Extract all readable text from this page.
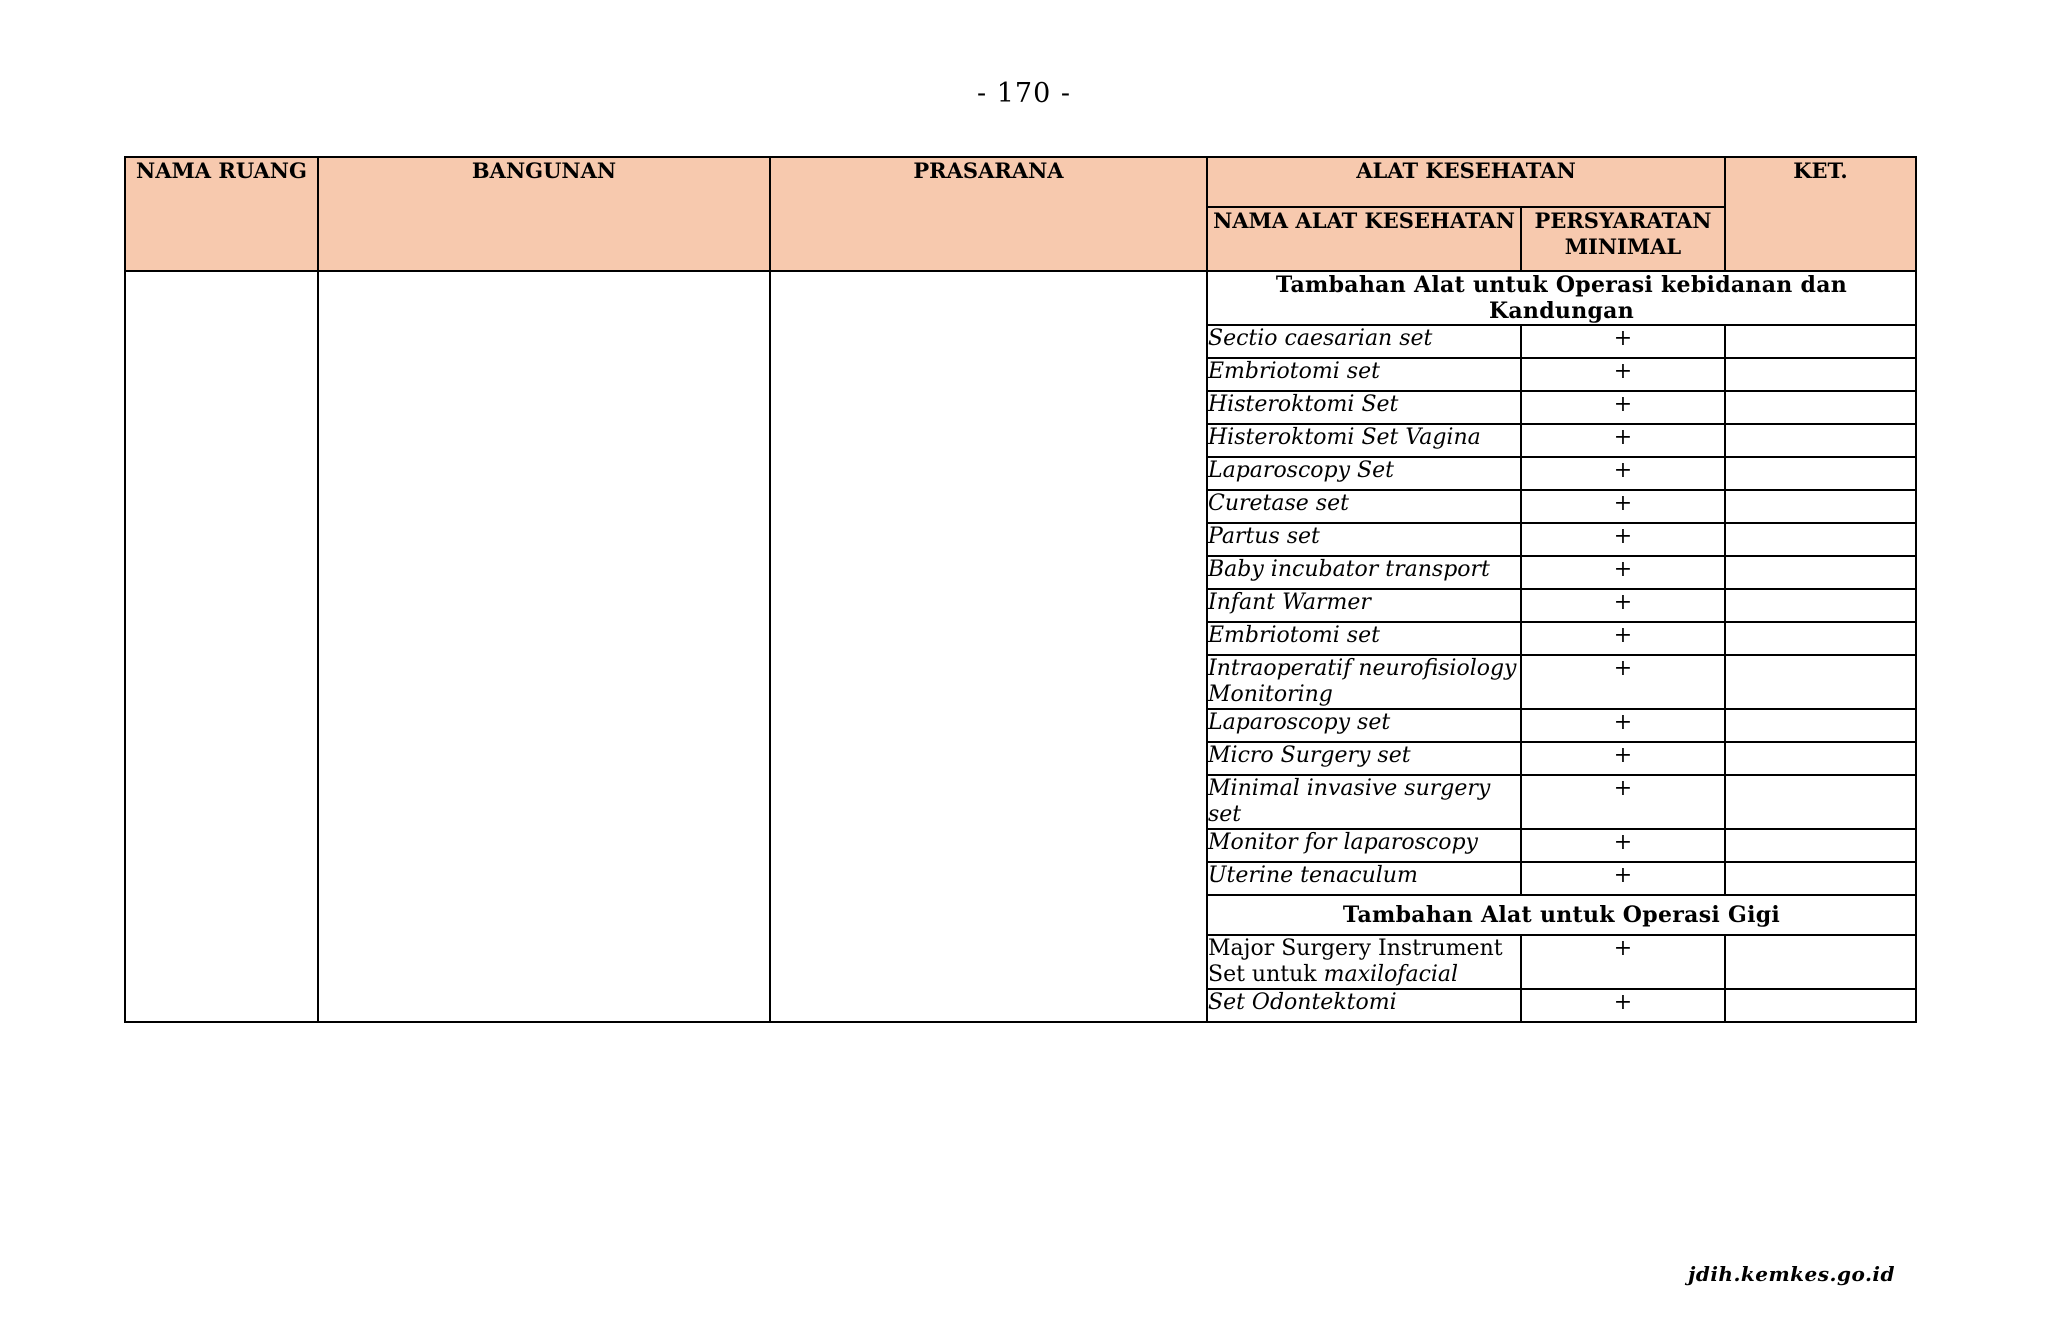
- 170 -
NAMA RUANG	BANGUNAN	PRASARANA	ALAT KESEHATAN		KET.
			NAMA ALAT KESEHATAN	PERSYARATAN MINIMAL	
			Tambahan Alat untuk Operasi kebidanan dan Kandungan		
			Sectio caesarian set	+	
			Embriotomi set	+	
			Histeroktomi Set	+	
			Histeroktomi Set Vagina	+	
			Laparoscopy Set	+	
			Curetase set	+	
			Partus set	+	
			Baby incubator transport	+	
			Infant Warmer	+	
			Embriotomi set	+	
			Intraoperatif neurofisiology Monitoring	+	
			Laparoscopy set	+	
			Micro Surgery set	+	
			Minimal invasive surgery set	+	
			Monitor for laparoscopy	+	
			Uterine tenaculum	+	
			Tambahan Alat untuk Operasi Gigi		
			Major Surgery Instrument Set untuk maxilofacial	+	
			Set Odontektomi	+	
jdih.kemkes.go.id
